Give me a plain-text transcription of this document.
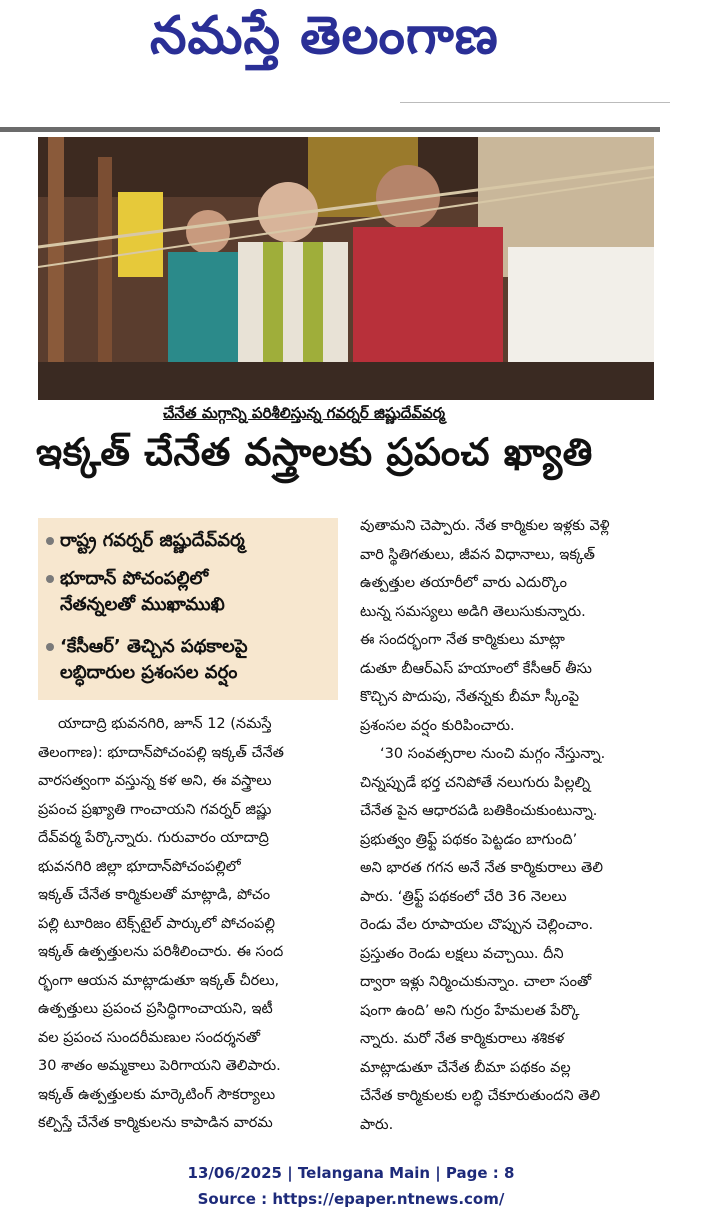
నమస్తే తెలంగాణ
చేనేత మగ్గాన్ని పరిశీలిస్తున్న గవర్నర్ జిష్ణుదేవ్‌వర్మ
ఇక్కత్ చేనేత వస్త్రాలకు ప్రపంచ ఖ్యాతి
రాష్ట్ర గవర్నర్ జిష్ణుదేవ్‌వర్మ
భూదాన్ పోచంపల్లిలో
నేతన్నలతో ముఖాముఖి
‘కేసీఆర్’ తెచ్చిన పథకాలపై
లబ్ధిదారుల ప్రశంసల వర్షం
యాదాద్రి భువనగిరి, జూన్ 12 (నమస్తే
తెలంగాణ): భూదాన్‌పోచంపల్లి ఇక్కత్ చేనేత
వారసత్వంగా వస్తున్న కళ అని, ఈ వస్త్రాలు
ప్రపంచ ప్రఖ్యాతి గాంచాయని గవర్నర్ జిష్ణు
దేవ్‌వర్మ పేర్కొన్నారు. గురువారం యాదాద్రి
భువనగిరి జిల్లా భూదాన్‌పోచంపల్లిలో
ఇక్కత్ చేనేత కార్మికులతో మాట్లాడి, పోచం
పల్లి టూరిజం టెక్స్‌టైల్ పార్కులో పోచంపల్లి
ఇక్కత్ ఉత్పత్తులను పరిశీలించారు. ఈ సంద
ర్భంగా ఆయన మాట్లాడుతూ ఇక్కత్ చీరలు,
ఉత్పత్తులు ప్రపంచ ప్రసిద్ధిగాంచాయని, ఇటీ
వల ప్రపంచ సుందరీమణుల సందర్శనతో
30 శాతం అమ్మకాలు పెరిగాయని తెలిపారు.
ఇక్కత్ ఉత్పత్తులకు మార్కెటింగ్ సౌకర్యాలు
కల్పిస్తే చేనేత కార్మికులను కాపాడిన వారమ
వుతామని చెప్పారు. నేత కార్మికుల ఇళ్లకు వెళ్లి
వారి స్థితిగతులు, జీవన విధానాలు, ఇక్కత్
ఉత్పత్తుల తయారీలో వారు ఎదుర్కొం
టున్న సమస్యలు అడిగి తెలుసుకున్నారు.
ఈ సందర్భంగా నేత కార్మికులు మాట్లా
డుతూ బీఆర్‌ఎస్ హయాంలో కేసీఆర్ తీసు
కొచ్చిన పొదుపు, నేతన్నకు బీమా స్కీంపై
ప్రశంసల వర్షం కురిపించారు.
‘30 సంవత్సరాల నుంచి మగ్గం నేస్తున్నా.
చిన్నప్పుడే భర్త చనిపోతే నలుగురు పిల్లల్ని
చేనేత పైన ఆధారపడి బతికించుకుంటున్నా.
ప్రభుత్వం త్రిఫ్ట్ పథకం పెట్టడం బాగుంది’
అని భారత గగన అనే నేత కార్మికురాలు తెలి
పారు. ‘త్రిఫ్ట్ పథకంలో చేరి 36 నెలలు
రెండు వేల రూపాయల చొప్పున చెల్లించాం.
ప్రస్తుతం రెండు లక్షలు వచ్చాయి. దీని
ద్వారా ఇళ్లు నిర్మించుకున్నాం. చాలా సంతో
షంగా ఉంది’ అని గుర్రం హేమలత పేర్కొ
న్నారు. మరో నేత కార్మికురాలు శశికళ
మాట్లాడుతూ చేనేత బీమా పథకం వల్ల
చేనేత కార్మికులకు లబ్ధి చేకూరుతుందని తెలి
పారు.
13/06/2025 | Telangana Main | Page : 8
Source : https://epaper.ntnews.com/
